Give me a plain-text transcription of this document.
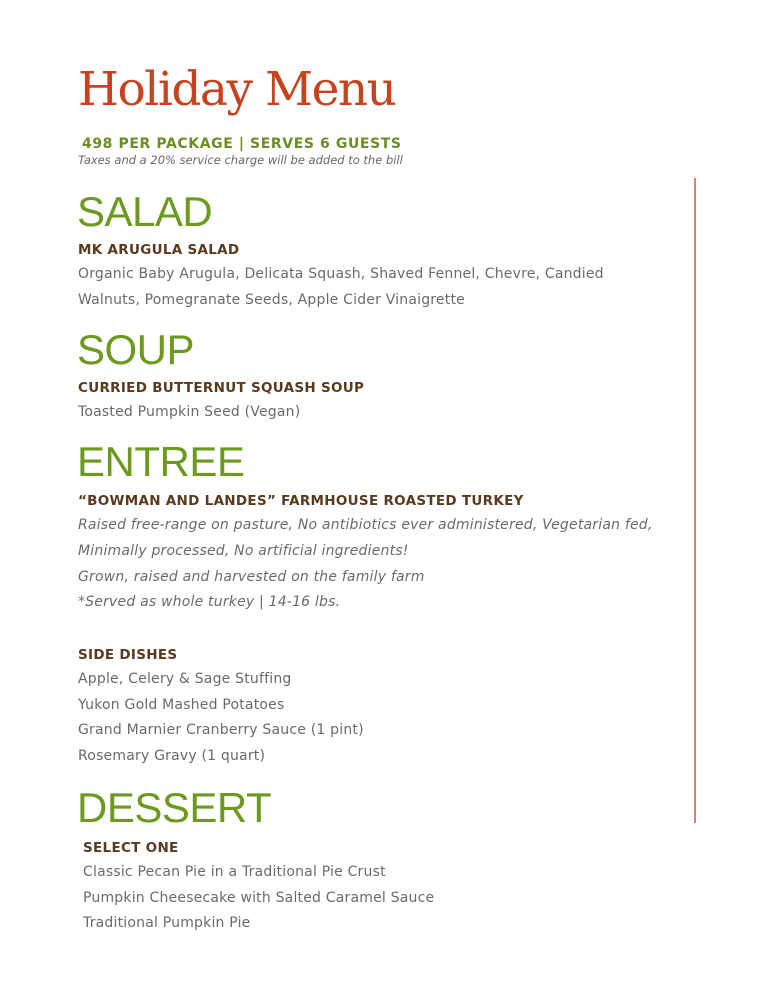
Holiday Menu
498 PER PACKAGE | SERVES 6 GUESTS
Taxes and a 20% service charge will be added to the bill
SALAD
MK ARUGULA SALAD
Organic Baby Arugula, Delicata Squash, Shaved Fennel, Chevre, Candied
Walnuts, Pomegranate Seeds, Apple Cider Vinaigrette
SOUP
CURRIED BUTTERNUT SQUASH SOUP
Toasted Pumpkin Seed (Vegan)
ENTREE
“BOWMAN AND LANDES” FARMHOUSE ROASTED TURKEY
Raised free-range on pasture, No antibiotics ever administered, Vegetarian fed,
Minimally processed, No artificial ingredients!
Grown, raised and harvested on the family farm
*Served as whole turkey | 14-16 lbs.
SIDE DISHES
Apple, Celery & Sage Stuffing
Yukon Gold Mashed Potatoes
Grand Marnier Cranberry Sauce (1 pint)
Rosemary Gravy (1 quart)
DESSERT
SELECT ONE
Classic Pecan Pie in a Traditional Pie Crust
Pumpkin Cheesecake with Salted Caramel Sauce
Traditional Pumpkin Pie
